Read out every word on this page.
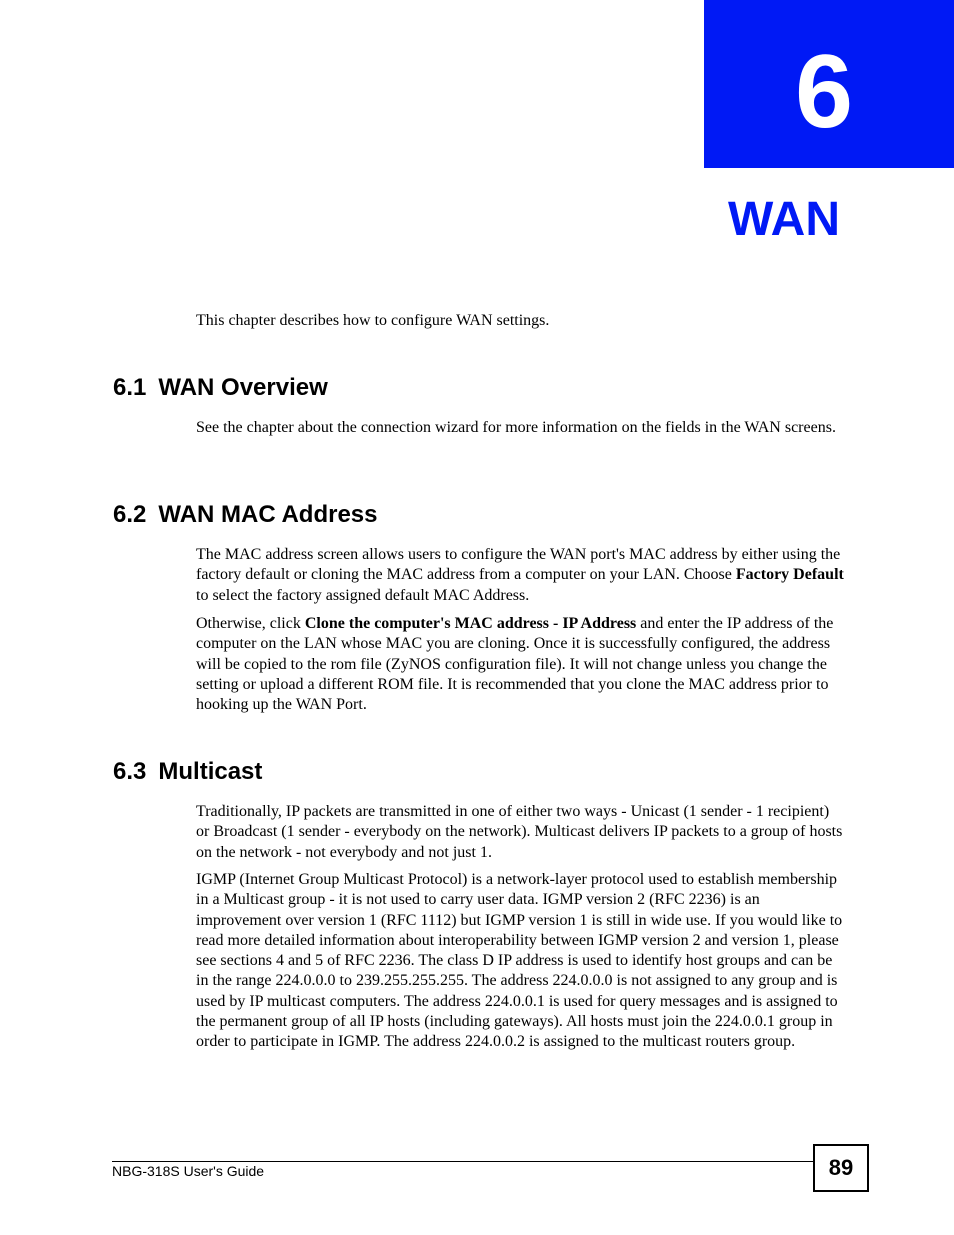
6
WAN

This chapter describes how to configure WAN settings.

6.1 WAN Overview

See the chapter about the connection wizard for more information on the fields in the WAN screens.

6.2 WAN MAC Address

The MAC address screen allows users to configure the WAN port's MAC address by either using the factory default or cloning the MAC address from a computer on your LAN. Choose Factory Default to select the factory assigned default MAC Address.

Otherwise, click Clone the computer's MAC address - IP Address and enter the IP address of the computer on the LAN whose MAC you are cloning. Once it is successfully configured, the address will be copied to the rom file (ZyNOS configuration file). It will not change unless you change the setting or upload a different ROM file. It is recommended that you clone the MAC address prior to hooking up the WAN Port.

6.3 Multicast

Traditionally, IP packets are transmitted in one of either two ways - Unicast (1 sender - 1 recipient) or Broadcast (1 sender - everybody on the network). Multicast delivers IP packets to a group of hosts on the network - not everybody and not just 1.

IGMP (Internet Group Multicast Protocol) is a network-layer protocol used to establish membership in a Multicast group - it is not used to carry user data. IGMP version 2 (RFC 2236) is an improvement over version 1 (RFC 1112) but IGMP version 1 is still in wide use. If you would like to read more detailed information about interoperability between IGMP version 2 and version 1, please see sections 4 and 5 of RFC 2236. The class D IP address is used to identify host groups and can be in the range 224.0.0.0 to 239.255.255.255. The address 224.0.0.0 is not assigned to any group and is used by IP multicast computers. The address 224.0.0.1 is used for query messages and is assigned to the permanent group of all IP hosts (including gateways). All hosts must join the 224.0.0.1 group in order to participate in IGMP. The address 224.0.0.2 is assigned to the multicast routers group.

NBG-318S User's Guide	89
